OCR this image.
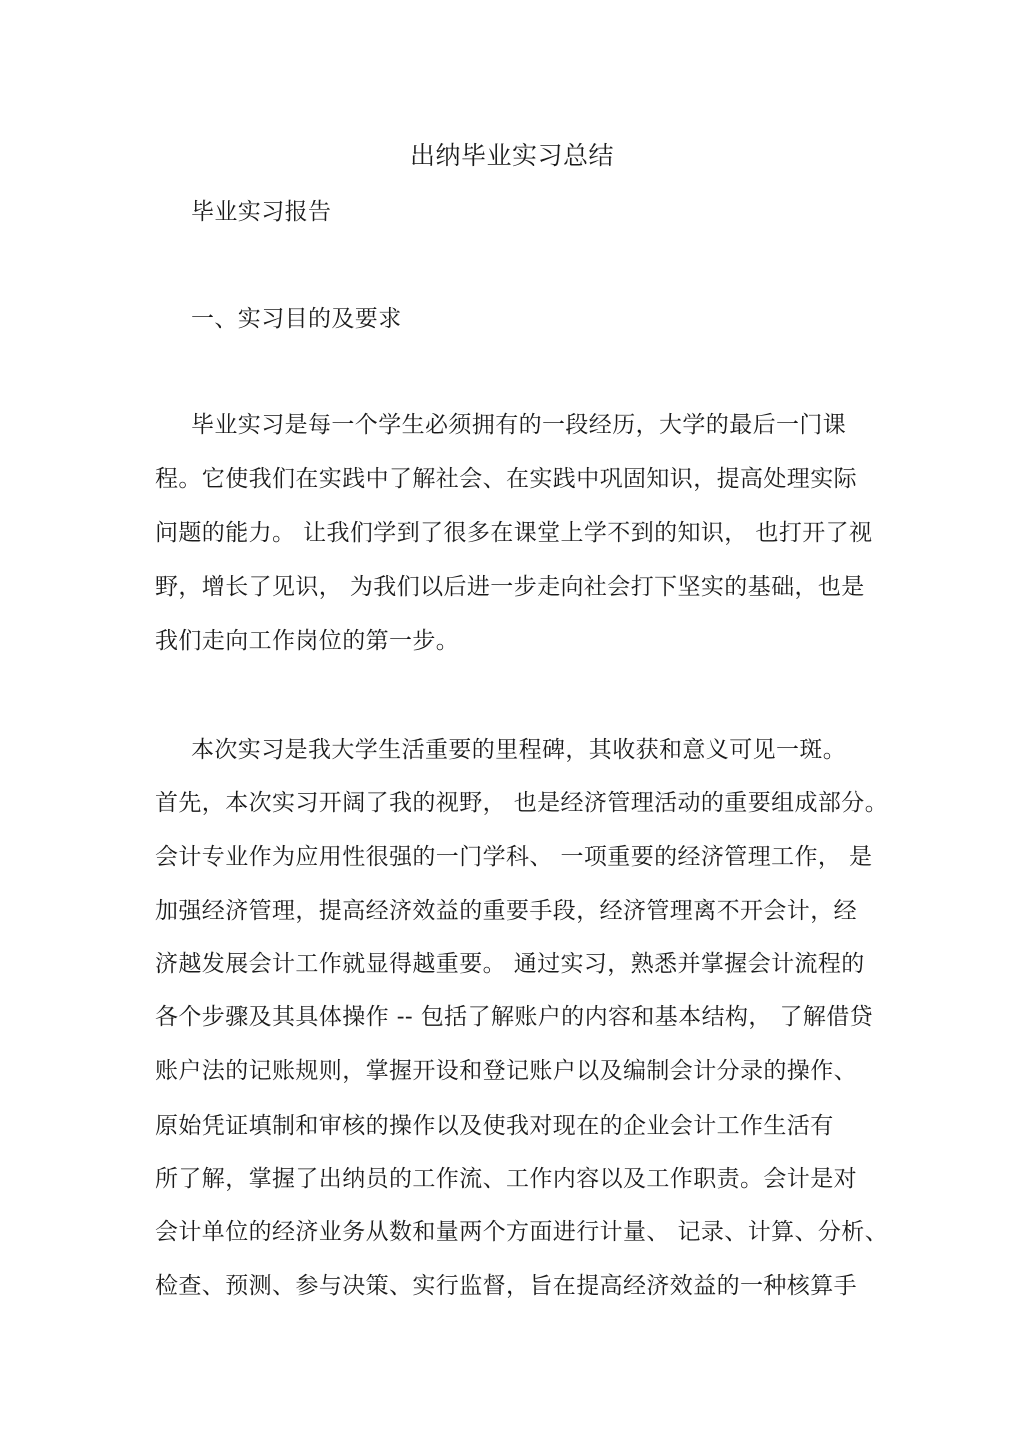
出纳毕业实习总结
毕业实习报告
一、实习目的及要求
毕业实习是每一个学生必须拥有的一段经历，大学的最后一门课
程。它使我们在实践中了解社会、在实践中巩固知识，提高处理实际
问题的能力。 让我们学到了很多在课堂上学不到的知识， 也打开了视
野，增长了见识， 为我们以后进一步走向社会打下坚实的基础，也是
我们走向工作岗位的第一步。
本次实习是我大学生活重要的里程碑，其收获和意义可见一斑。
首先，本次实习开阔了我的视野， 也是经济管理活动的重要组成部分。
会计专业作为应用性很强的一门学科、 一项重要的经济管理工作， 是
加强经济管理，提高经济效益的重要手段，经济管理离不开会计，经
济越发展会计工作就显得越重要。 通过实习，熟悉并掌握会计流程的
各个步骤及其具体操作 -- 包括了解账户的内容和基本结构， 了解借贷
账户法的记账规则，掌握开设和登记账户以及编制会计分录的操作、
原始凭证填制和审核的操作以及使我对现在的企业会计工作生活有
所了解，掌握了出纳员的工作流、工作内容以及工作职责。会计是对
会计单位的经济业务从数和量两个方面进行计量、 记录、计算、分析、
检查、预测、参与决策、实行监督，旨在提高经济效益的一种核算手
